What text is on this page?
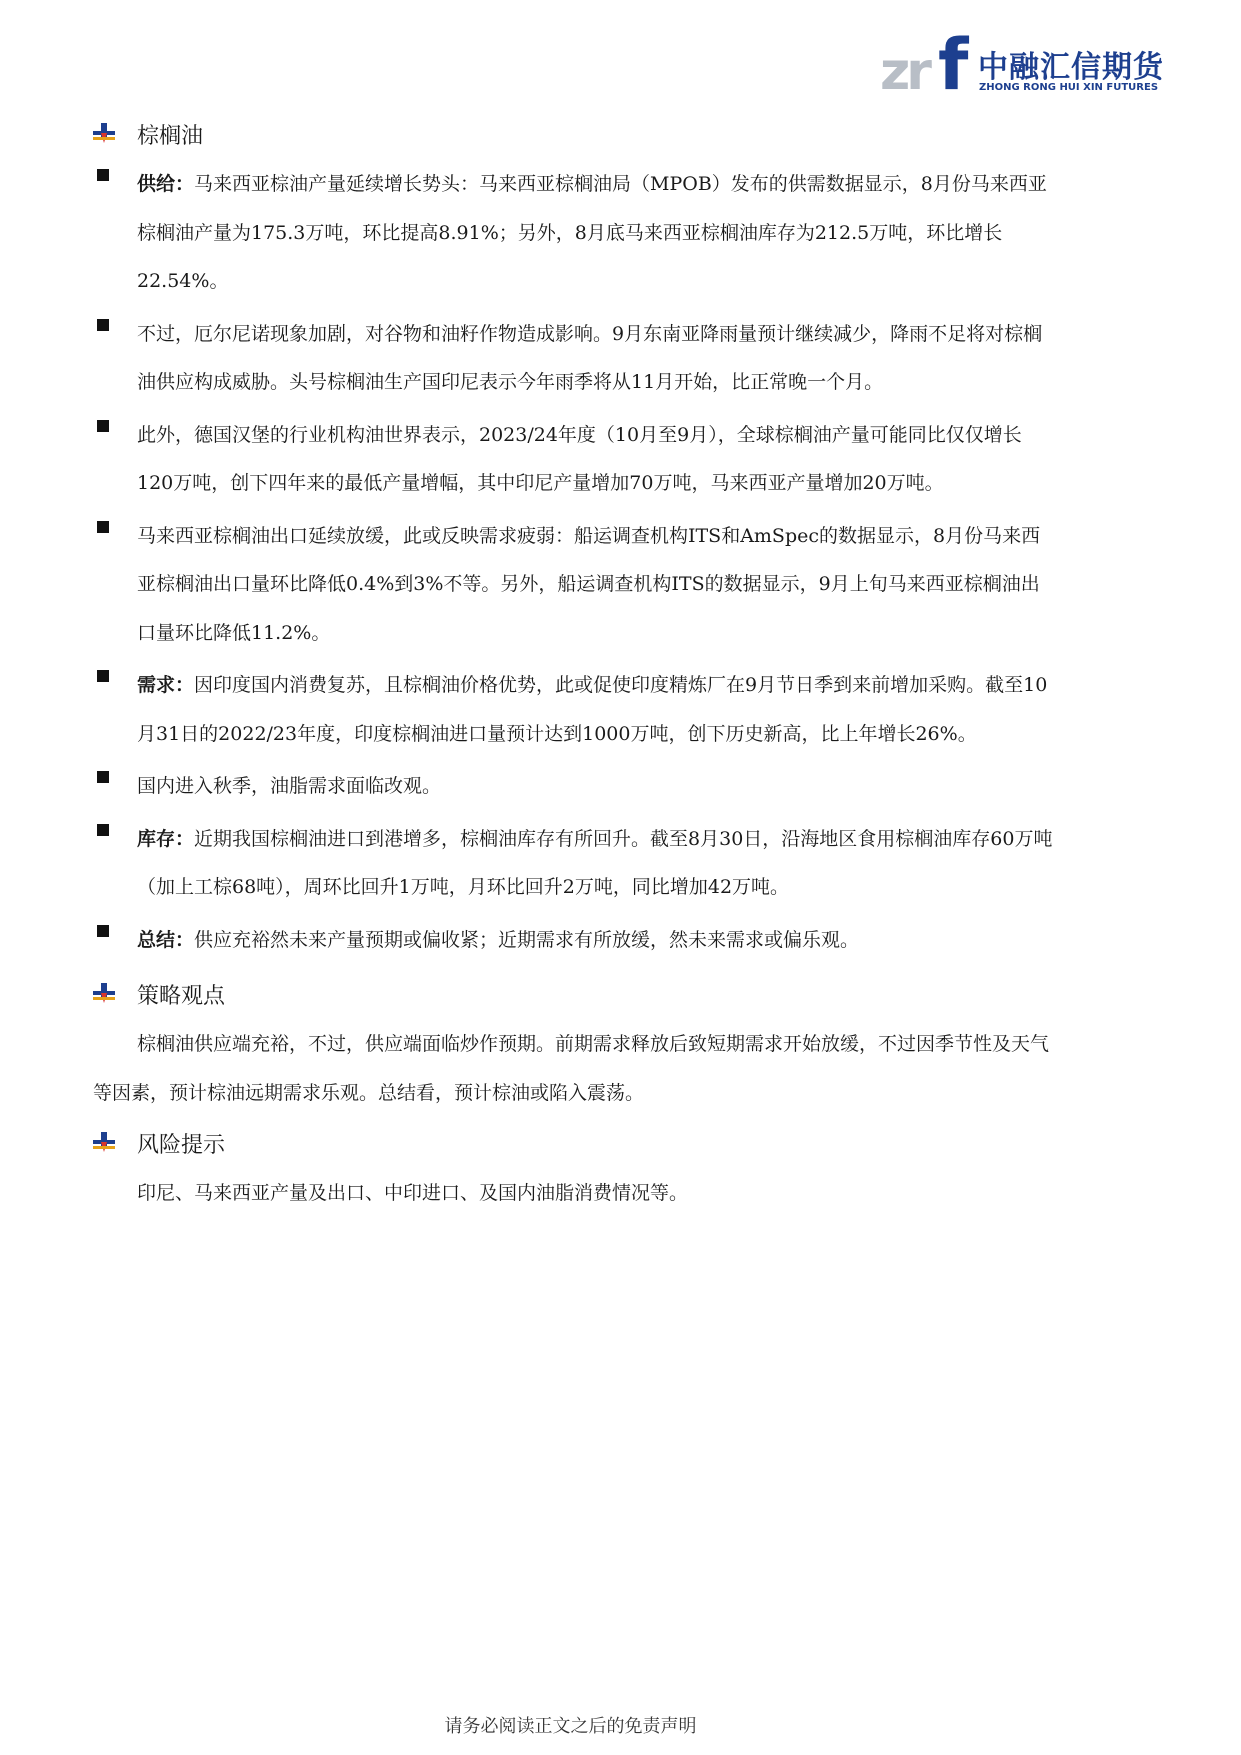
zr f 中融汇信期货
ZHONG RONG HUI XIN FUTURES
棕榈油
供给：马来西亚棕油产量延续增长势头：马来西亚棕榈油局（MPOB）发布的供需数据显示，8月份马来西亚棕榈油产量为175.3万吨，环比提高8.91%；另外，8月底马来西亚棕榈油库存为212.5万吨，环比增长22.54%。
不过，厄尔尼诺现象加剧，对谷物和油籽作物造成影响。9月东南亚降雨量预计继续减少，降雨不足将对棕榈油供应构成威胁。头号棕榈油生产国印尼表示今年雨季将从11月开始，比正常晚一个月。
此外，德国汉堡的行业机构油世界表示，2023/24年度（10月至9月），全球棕榈油产量可能同比仅仅增长120万吨，创下四年来的最低产量增幅，其中印尼产量增加70万吨，马来西亚产量增加20万吨。
马来西亚棕榈油出口延续放缓，此或反映需求疲弱：船运调查机构ITS和AmSpec的数据显示，8月份马来西亚棕榈油出口量环比降低0.4%到3%不等。另外，船运调查机构ITS的数据显示，9月上旬马来西亚棕榈油出口量环比降低11.2%。
需求：因印度国内消费复苏，且棕榈油价格优势，此或促使印度精炼厂在9月节日季到来前增加采购。截至10月31日的2022/23年度，印度棕榈油进口量预计达到1000万吨，创下历史新高，比上年增长26%。
国内进入秋季，油脂需求面临改观。
库存：近期我国棕榈油进口到港增多，棕榈油库存有所回升。截至8月30日，沿海地区食用棕榈油库存60万吨（加上工棕68吨），周环比回升1万吨，月环比回升2万吨，同比增加42万吨。
总结：供应充裕然未来产量预期或偏收紧；近期需求有所放缓，然未来需求或偏乐观。
策略观点
棕榈油供应端充裕，不过，供应端面临炒作预期。前期需求释放后致短期需求开始放缓，不过因季节性及天气等因素，预计棕油远期需求乐观。总结看，预计棕油或陷入震荡。
风险提示
印尼、马来西亚产量及出口、中印进口、及国内油脂消费情况等。
请务必阅读正文之后的免责声明
